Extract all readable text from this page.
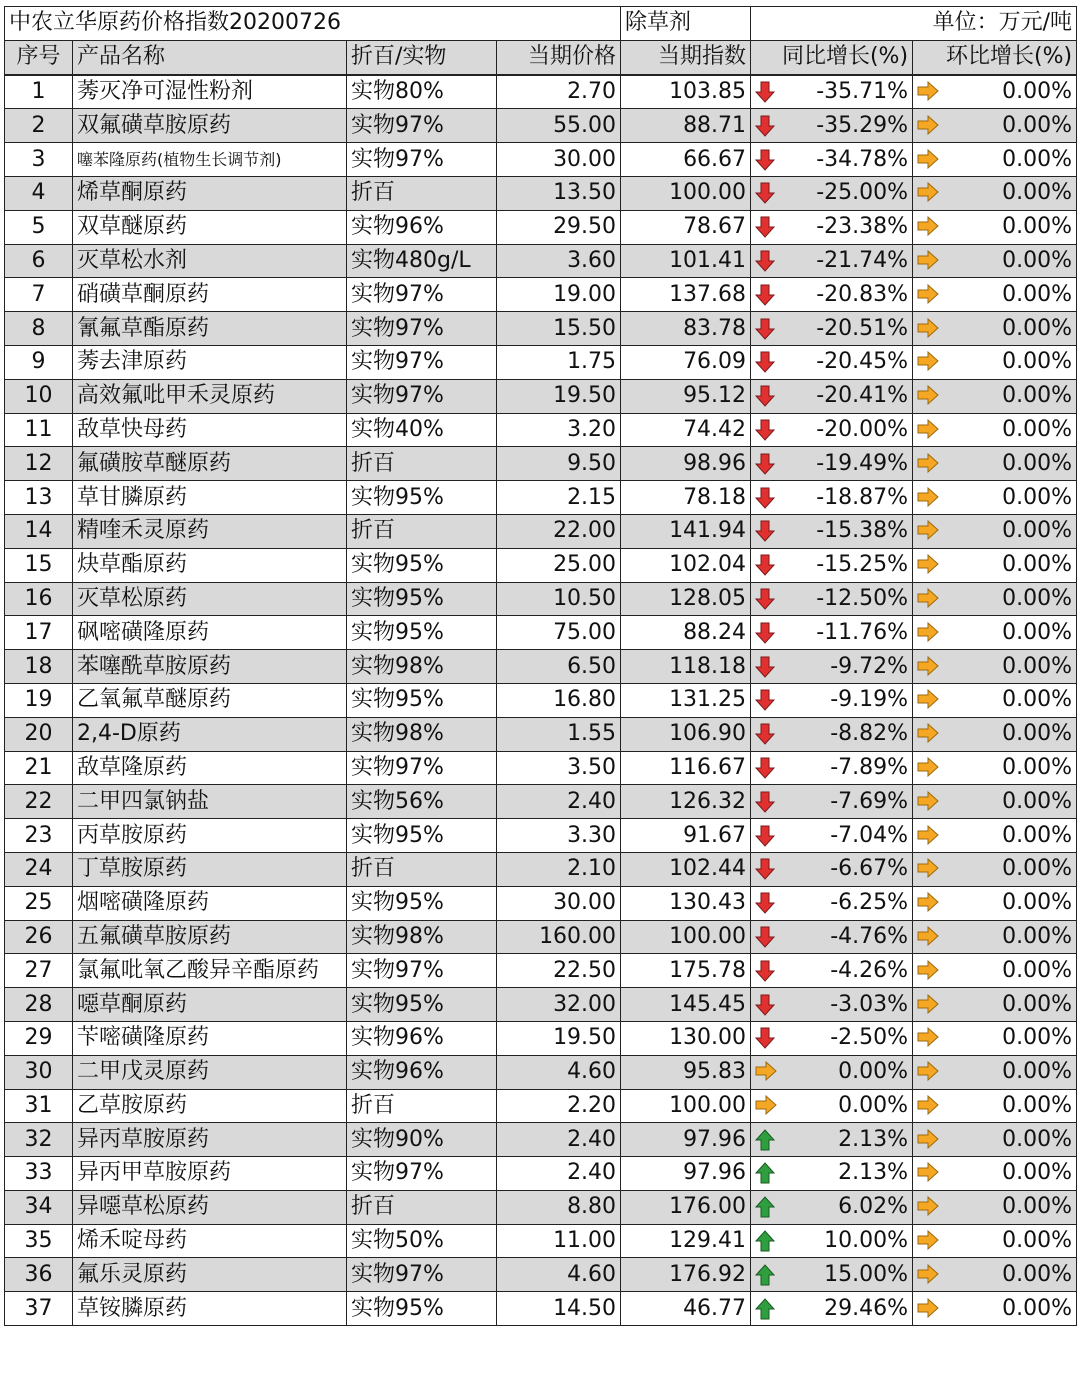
中农立华原药价格指数20200726				除草剂	单位：万元/吨	
序号	产品名称	折百/实物	当期价格	当期指数	同比增长(%)	环比增长(%)
1	莠灭净可湿性粉剂	实物80%	2.70	103.85	-35.71%	0.00%
2	双氟磺草胺原药	实物97%	55.00	88.71	-35.29%	0.00%
3	噻苯隆原药(植物生长调节剂)	实物97%	30.00	66.67	-34.78%	0.00%
4	烯草酮原药	折百	13.50	100.00	-25.00%	0.00%
5	双草醚原药	实物96%	29.50	78.67	-23.38%	0.00%
6	灭草松水剂	实物480g/L	3.60	101.41	-21.74%	0.00%
7	硝磺草酮原药	实物97%	19.00	137.68	-20.83%	0.00%
8	氰氟草酯原药	实物97%	15.50	83.78	-20.51%	0.00%
9	莠去津原药	实物97%	1.75	76.09	-20.45%	0.00%
10	高效氟吡甲禾灵原药	实物97%	19.50	95.12	-20.41%	0.00%
11	敌草快母药	实物40%	3.20	74.42	-20.00%	0.00%
12	氟磺胺草醚原药	折百	9.50	98.96	-19.49%	0.00%
13	草甘膦原药	实物95%	2.15	78.18	-18.87%	0.00%
14	精喹禾灵原药	折百	22.00	141.94	-15.38%	0.00%
15	炔草酯原药	实物95%	25.00	102.04	-15.25%	0.00%
16	灭草松原药	实物95%	10.50	128.05	-12.50%	0.00%
17	砜嘧磺隆原药	实物95%	75.00	88.24	-11.76%	0.00%
18	苯噻酰草胺原药	实物98%	6.50	118.18	-9.72%	0.00%
19	乙氧氟草醚原药	实物95%	16.80	131.25	-9.19%	0.00%
20	2,4-D原药	实物98%	1.55	106.90	-8.82%	0.00%
21	敌草隆原药	实物97%	3.50	116.67	-7.89%	0.00%
22	二甲四氯钠盐	实物56%	2.40	126.32	-7.69%	0.00%
23	丙草胺原药	实物95%	3.30	91.67	-7.04%	0.00%
24	丁草胺原药	折百	2.10	102.44	-6.67%	0.00%
25	烟嘧磺隆原药	实物95%	30.00	130.43	-6.25%	0.00%
26	五氟磺草胺原药	实物98%	160.00	100.00	-4.76%	0.00%
27	氯氟吡氧乙酸异辛酯原药	实物97%	22.50	175.78	-4.26%	0.00%
28	噁草酮原药	实物95%	32.00	145.45	-3.03%	0.00%
29	苄嘧磺隆原药	实物96%	19.50	130.00	-2.50%	0.00%
30	二甲戊灵原药	实物96%	4.60	95.83	0.00%	0.00%
31	乙草胺原药	折百	2.20	100.00	0.00%	0.00%
32	异丙草胺原药	实物90%	2.40	97.96	2.13%	0.00%
33	异丙甲草胺原药	实物97%	2.40	97.96	2.13%	0.00%
34	异噁草松原药	折百	8.80	176.00	6.02%	0.00%
35	烯禾啶母药	实物50%	11.00	129.41	10.00%	0.00%
36	氟乐灵原药	实物97%	4.60	176.92	15.00%	0.00%
37	草铵膦原药	实物95%	14.50	46.77	29.46%	0.00%
